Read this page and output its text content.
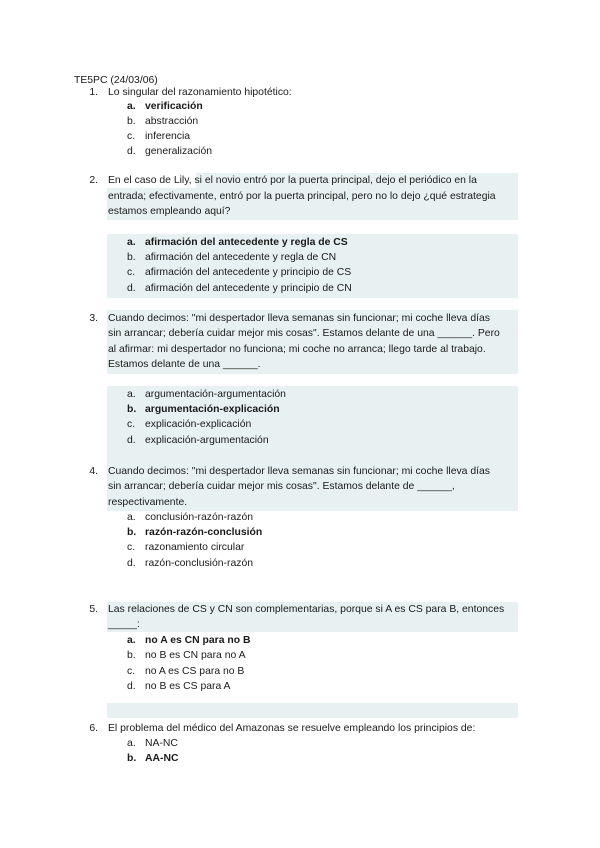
TE5PC (24/03/06)
1. Lo singular del razonamiento hipotético:
a. verificación
b. abstracción
c. inferencia
d. generalización
2. En el caso de Lily, si el novio entró por la puerta principal, dejo el periódico en la
entrada; efectivamente, entró por la puerta principal, pero no lo dejo ¿qué estrategia
estamos empleando aquí?
a. afirmación del antecedente y regla de CS
b. afirmación del antecedente y regla de CN
c. afirmación del antecedente y principio de CS
d. afirmación del antecedente y principio de CN
3. Cuando decimos: "mi despertador lleva semanas sin funcionar; mi coche lleva días
sin arrancar; debería cuidar mejor mis cosas". Estamos delante de una ______. Pero
al afirmar: mi despertador no funciona; mi coche no arranca; llego tarde al trabajo.
Estamos delante de una ______.
a. argumentación-argumentación
b. argumentación-explicación
c. explicación-explicación
d. explicación-argumentación
4. Cuando decimos: "mi despertador lleva semanas sin funcionar; mi coche lleva días
sin arrancar; debería cuidar mejor mis cosas". Estamos delante de ______,
respectivamente.
a. conclusión-razón-razón
b. razón-razón-conclusión
c. razonamiento circular
d. razón-conclusión-razón
5. Las relaciones de CS y CN son complementarias, porque si A es CS para B, entonces
_____:
a. no A es CN para no B
b. no B es CN para no A
c. no A es CS para no B
d. no B es CS para A
6. El problema del médico del Amazonas se resuelve empleando los principios de:
a. NA-NC
b. AA-NC
